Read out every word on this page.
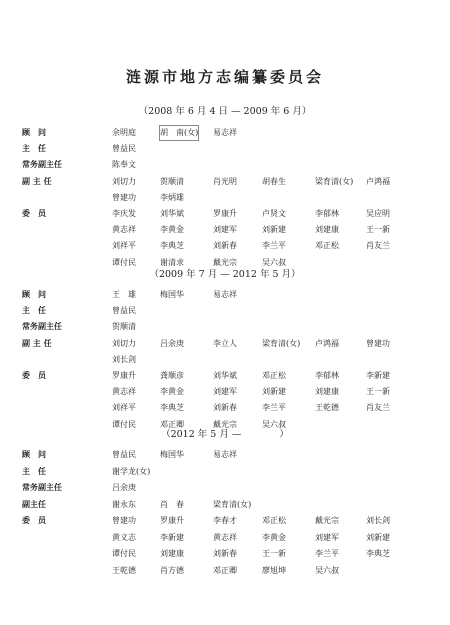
涟源市地方志编纂委员会
（2008 年 6 月 4 日 — 2009 年 6 月）
顾　问	余明庭	胡　南(女) 易志祥
主　任	曾益民
常务副主任	陈奉文
副 主 任	刘切力	贺顺清	肖光明	胡春生	梁育清(女) 卢鸿福
曾建功	李炳雄
委　员	李庆发	刘华斌	罗康升	卢贤文	李郁林	吴应明
黄志祥	李黄金	刘建军	刘新建	刘建康	王一新
刘祥平	李典芝	刘新春	李兰平	邓正松	肖友兰
谭付民	谢清求	戴光宗	吴六叔
（2009 年 7 月 — 2012 年 5 月）
顾　问	王　雄	梅国华	易志祥
主　任	曾益民
常务副主任	贺顺清
副 主 任	刘切力	吕余庚	李立人	梁育清(女) 卢鸿福	曾建功
刘长剑
委　员	罗康升	龚顺彦	刘华斌	邓正松	李郁林	李新建
黄志祥	李黄金	刘建军	刘新建	刘建康	王一新
刘祥平	李典芝	刘新春	李兰平	王乾德	肖友兰
谭付民	邓正卿	戴光宗	吴六叔
（2012 年 5 月 —　　　　）
顾　问	曾益民	梅国华	易志祥
主　任	谢学龙(女)
常务副主任	吕余庚
副主任	谢永东	肖　春	梁育清(女)
委　员	曾建功	罗康升	李春才	邓正松	戴光宗	刘长剑
黄义志	李新建	黄志祥	李黄金	刘建军	刘新建
谭付民	刘建康	刘新春	王一新	李兰平	李典芝
王乾德	肖方德	邓正卿	廖旭坤	吴六叔
